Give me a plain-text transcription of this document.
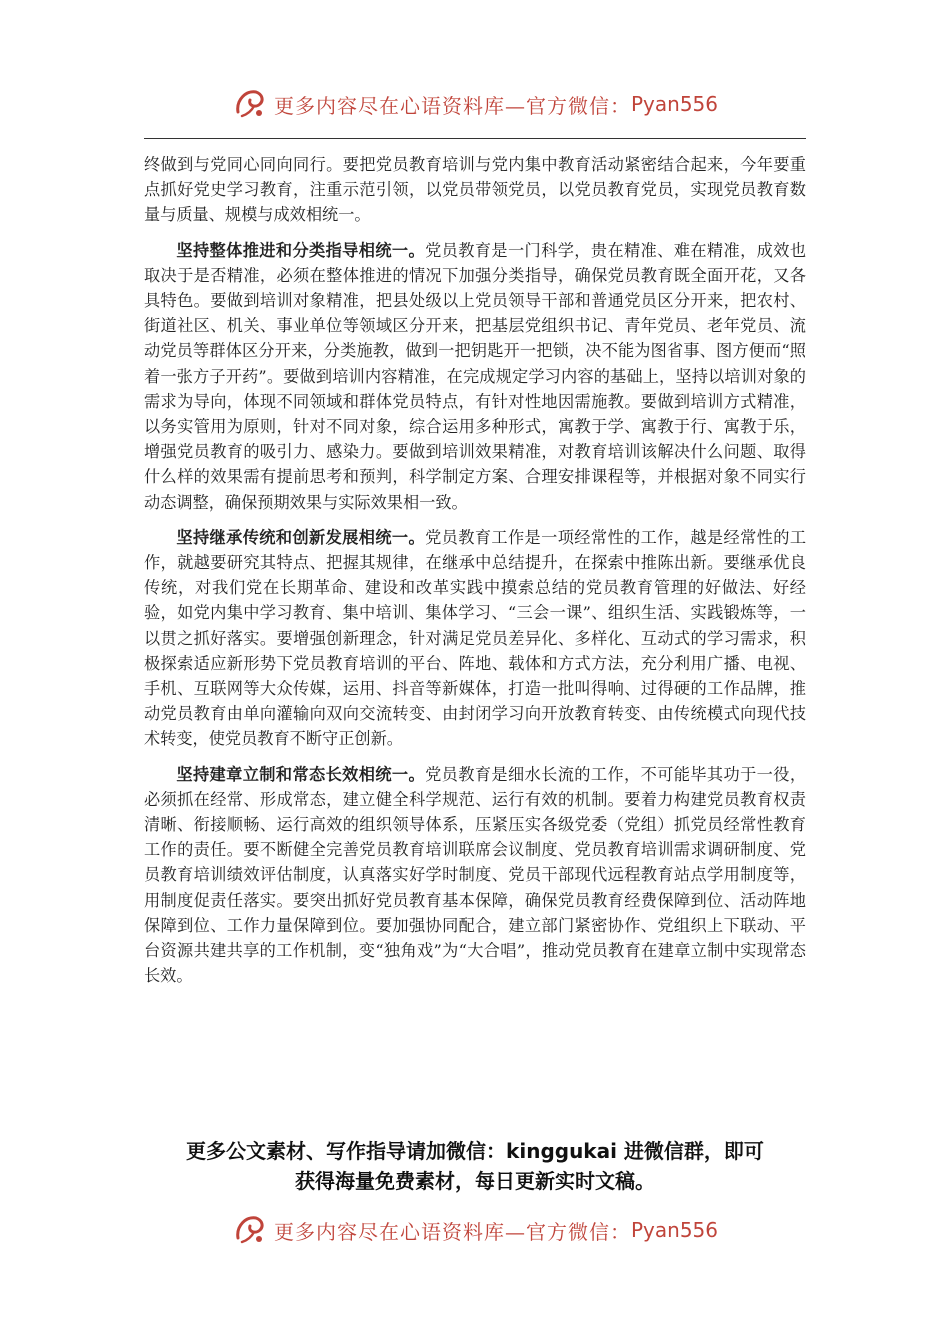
更多内容尽在心语资料库—官方微信： Pyan556

终做到与党同心同向同行。要把党员教育培训与党内集中教育活动紧密结合起来，今年要重点抓好党史学习教育，注重示范引领，以党员带领党员，以党员教育党员，实现党员教育数量与质量、规模与成效相统一。

坚持整体推进和分类指导相统一。党员教育是一门科学，贵在精准、难在精准，成效也取决于是否精准，必须在整体推进的情况下加强分类指导，确保党员教育既全面开花，又各具特色。要做到培训对象精准，把县处级以上党员领导干部和普通党员区分开来，把农村、街道社区、机关、事业单位等领域区分开来，把基层党组织书记、青年党员、老年党员、流动党员等群体区分开来，分类施教，做到一把钥匙开一把锁，决不能为图省事、图方便而“照着一张方子开药”。要做到培训内容精准，在完成规定学习内容的基础上，坚持以培训对象的需求为导向，体现不同领域和群体党员特点，有针对性地因需施教。要做到培训方式精准，以务实管用为原则，针对不同对象，综合运用多种形式，寓教于学、寓教于行、寓教于乐，增强党员教育的吸引力、感染力。要做到培训效果精准，对教育培训该解决什么问题、取得什么样的效果需有提前思考和预判，科学制定方案、合理安排课程等，并根据对象不同实行动态调整，确保预期效果与实际效果相一致。

坚持继承传统和创新发展相统一。党员教育工作是一项经常性的工作，越是经常性的工作，就越要研究其特点、把握其规律，在继承中总结提升，在探索中推陈出新。要继承优良传统，对我们党在长期革命、建设和改革实践中摸索总结的党员教育管理的好做法、好经验，如党内集中学习教育、集中培训、集体学习、“三会一课”、组织生活、实践锻炼等，一以贯之抓好落实。要增强创新理念，针对满足党员差异化、多样化、互动式的学习需求，积极探索适应新形势下党员教育培训的平台、阵地、载体和方式方法，充分利用广播、电视、手机、互联网等大众传媒，运用、抖音等新媒体，打造一批叫得响、过得硬的工作品牌，推动党员教育由单向灌输向双向交流转变、由封闭学习向开放教育转变、由传统模式向现代技术转变，使党员教育不断守正创新。

坚持建章立制和常态长效相统一。党员教育是细水长流的工作，不可能毕其功于一役，必须抓在经常、形成常态，建立健全科学规范、运行有效的机制。要着力构建党员教育权责清晰、衔接顺畅、运行高效的组织领导体系，压紧压实各级党委（党组）抓党员经常性教育工作的责任。要不断健全完善党员教育培训联席会议制度、党员教育培训需求调研制度、党员教育培训绩效评估制度，认真落实好学时制度、党员干部现代远程教育站点学用制度等，用制度促责任落实。要突出抓好党员教育基本保障，确保党员教育经费保障到位、活动阵地保障到位、工作力量保障到位。要加强协同配合，建立部门紧密协作、党组织上下联动、平台资源共建共享的工作机制，变“独角戏”为“大合唱”，推动党员教育在建章立制中实现常态长效。

更多公文素材、写作指导请加微信：kinggukai 进微信群，即可
获得海量免费素材，每日更新实时文稿。
更多内容尽在心语资料库—官方微信： Pyan556
